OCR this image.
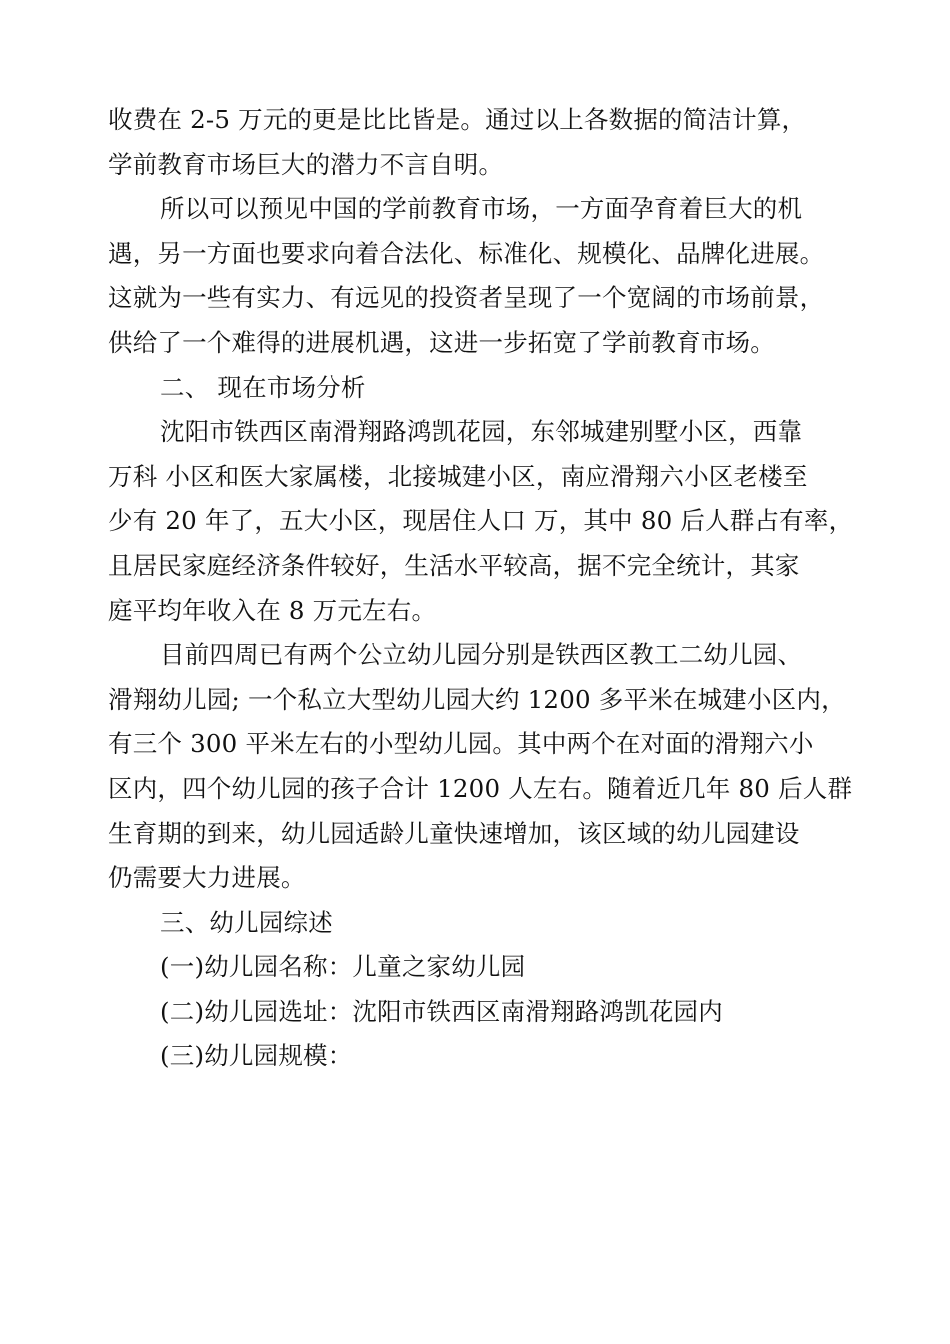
收费在 2-5 万元的更是比比皆是。通过以上各数据的简洁计算，
学前教育市场巨大的潜力不言自明。
所以可以预见中国的学前教育市场，一方面孕育着巨大的机
遇，另一方面也要求向着合法化、标准化、规模化、品牌化进展。
这就为一些有实力、有远见的投资者呈现了一个宽阔的市场前景，
供给了一个难得的进展机遇，这进一步拓宽了学前教育市场。
二、 现在市场分析
沈阳市铁西区南滑翔路鸿凯花园，东邻城建别墅小区，西靠
万科 小区和医大家属楼，北接城建小区，南应滑翔六小区老楼至
少有 20 年了，五大小区，现居住人口 万，其中 80 后人群占有率，
且居民家庭经济条件较好，生活水平较高，据不完全统计，其家
庭平均年收入在 8 万元左右。
目前四周已有两个公立幼儿园分别是铁西区教工二幼儿园、
滑翔幼儿园; 一个私立大型幼儿园大约 1200 多平米在城建小区内，
有三个 300 平米左右的小型幼儿园。其中两个在对面的滑翔六小
区内，四个幼儿园的孩子合计 1200 人左右。随着近几年 80 后人群
生育期的到来，幼儿园适龄儿童快速增加，该区域的幼儿园建设
仍需要大力进展。
三、幼儿园综述
(一)幼儿园名称：儿童之家幼儿园
(二)幼儿园选址：沈阳市铁西区南滑翔路鸿凯花园内
(三)幼儿园规模：
